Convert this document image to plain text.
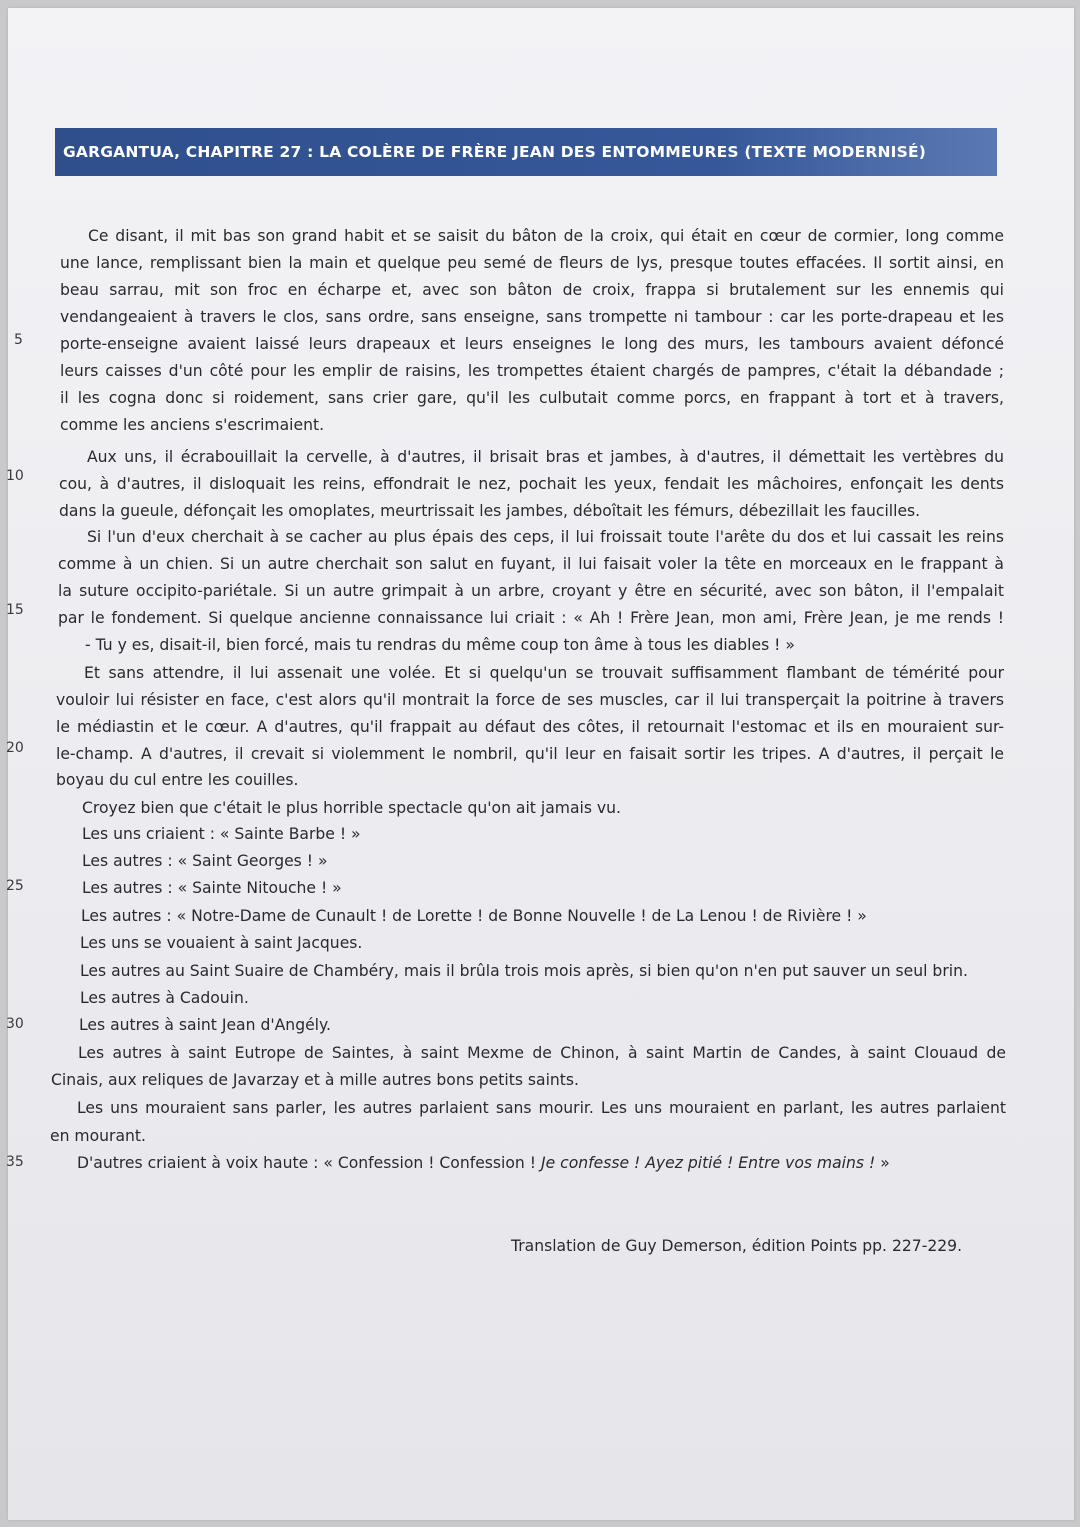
GARGANTUA, CHAPITRE 27 : LA COLÈRE DE FRÈRE JEAN DES ENTOMMEURES (TEXTE MODERNISÉ)
5
10
15
20
25
30
35
Ce disant, il mit bas son grand habit et se saisit du bâton de la croix, qui était en cœur de cormier, long comme
une lance, remplissant bien la main et quelque peu semé de fleurs de lys, presque toutes effacées. Il sortit ainsi, en
beau sarrau, mit son froc en écharpe et, avec son bâton de croix, frappa si brutalement sur les ennemis qui
vendangeaient à travers le clos, sans ordre, sans enseigne, sans trompette ni tambour : car les porte-drapeau et les
porte-enseigne avaient laissé leurs drapeaux et leurs enseignes le long des murs, les tambours avaient défoncé
leurs caisses d'un côté pour les emplir de raisins, les trompettes étaient chargés de pampres, c'était la débandade ;
il les cogna donc si roidement, sans crier gare, qu'il les culbutait comme porcs, en frappant à tort et à travers,
comme les anciens s'escrimaient.
Aux uns, il écrabouillait la cervelle, à d'autres, il brisait bras et jambes, à d'autres, il démettait les vertèbres du
cou, à d'autres, il disloquait les reins, effondrait le nez, pochait les yeux, fendait les mâchoires, enfonçait les dents
dans la gueule, défonçait les omoplates, meurtrissait les jambes, déboîtait les fémurs, débezillait les faucilles.
Si l'un d'eux cherchait à se cacher au plus épais des ceps, il lui froissait toute l'arête du dos et lui cassait les reins
comme à un chien. Si un autre cherchait son salut en fuyant, il lui faisait voler la tête en morceaux en le frappant à
la suture occipito-pariétale. Si un autre grimpait à un arbre, croyant y être en sécurité, avec son bâton, il l'empalait
par le fondement. Si quelque ancienne connaissance lui criait : « Ah ! Frère Jean, mon ami, Frère Jean, je me rends !
- Tu y es, disait-il, bien forcé, mais tu rendras du même coup ton âme à tous les diables ! »
Et sans attendre, il lui assenait une volée. Et si quelqu'un se trouvait suffisamment flambant de témérité pour
vouloir lui résister en face, c'est alors qu'il montrait la force de ses muscles, car il lui transperçait la poitrine à travers
le médiastin et le cœur. A d'autres, qu'il frappait au défaut des côtes, il retournait l'estomac et ils en mouraient sur-
le-champ. A d'autres, il crevait si violemment le nombril, qu'il leur en faisait sortir les tripes. A d'autres, il perçait le
boyau du cul entre les couilles.
Croyez bien que c'était le plus horrible spectacle qu'on ait jamais vu.
Les uns criaient : « Sainte Barbe ! »
Les autres : « Saint Georges ! »
Les autres : « Sainte Nitouche ! »
Les autres : « Notre-Dame de Cunault ! de Lorette ! de Bonne Nouvelle ! de La Lenou ! de Rivière ! »
Les uns se vouaient à saint Jacques.
Les autres au Saint Suaire de Chambéry, mais il brûla trois mois après, si bien qu'on n'en put sauver un seul brin.
Les autres à Cadouin.
Les autres à saint Jean d'Angély.
Les autres à saint Eutrope de Saintes, à saint Mexme de Chinon, à saint Martin de Candes, à saint Clouaud de
Cinais, aux reliques de Javarzay et à mille autres bons petits saints.
Les uns mouraient sans parler, les autres parlaient sans mourir. Les uns mouraient en parlant, les autres parlaient
en mourant.
D'autres criaient à voix haute : « Confession ! Confession ! Je confesse ! Ayez pitié ! Entre vos mains ! »
Translation de Guy Demerson, édition Points pp. 227-229.
